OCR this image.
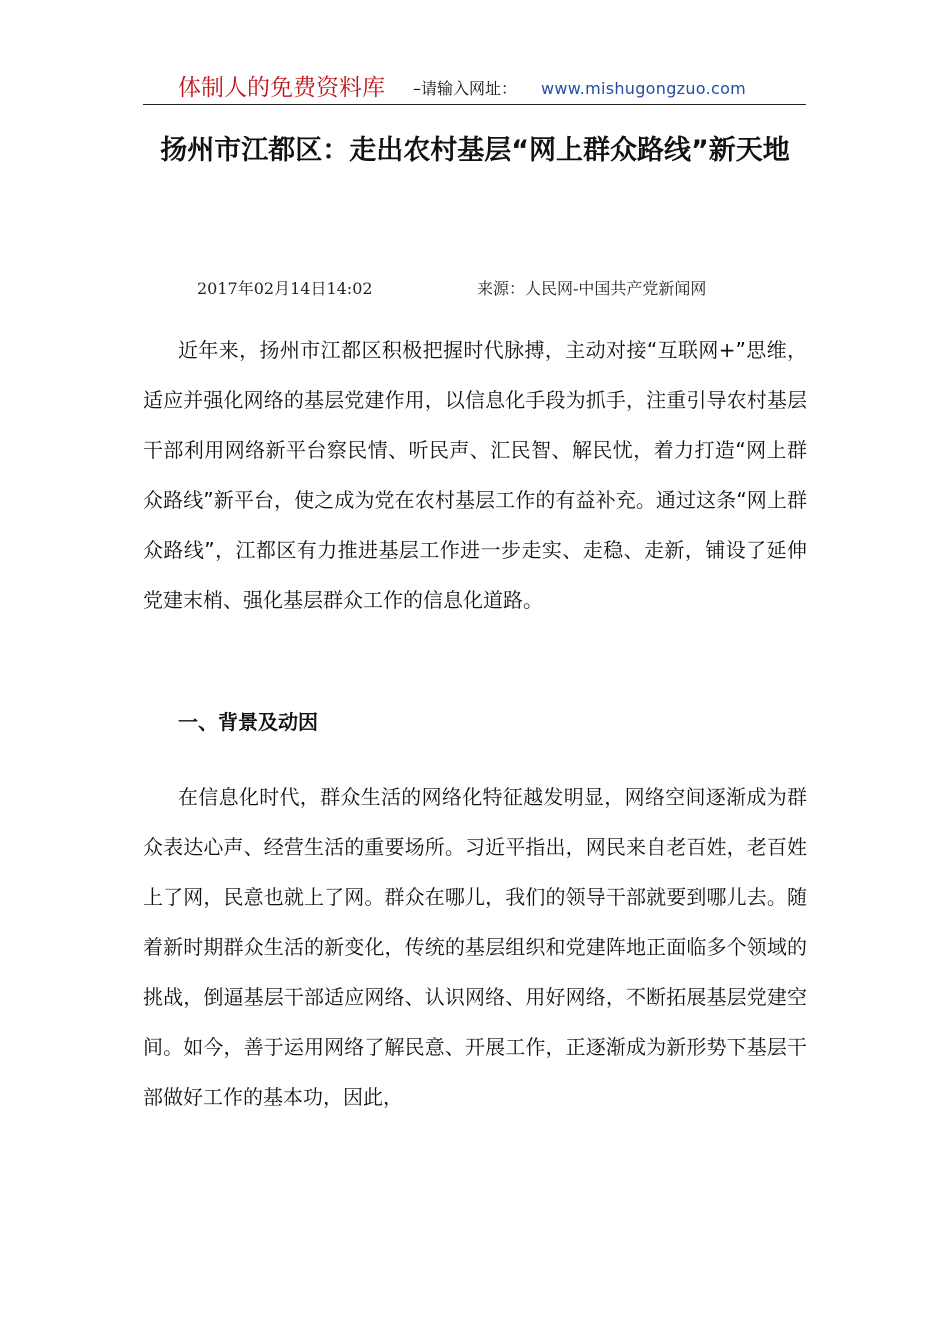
体制人的免费资料库 –请输入网址： www.mishugongzuo.com
扬州市江都区：走出农村基层“网上群众路线”新天地
2017年02月14日14:02	来源：人民网-中国共产党新闻网

近年来，扬州市江都区积极把握时代脉搏，主动对接“互联网+”思维，适应并强化网络的基层党建作用，以信息化手段为抓手，注重引导农村基层干部利用网络新平台察民情、听民声、汇民智、解民忧，着力打造“网上群众路线”新平台，使之成为党在农村基层工作的有益补充。通过这条“网上群众路线”，江都区有力推进基层工作进一步走实、走稳、走新，铺设了延伸党建末梢、强化基层群众工作的信息化道路。

一、背景及动因

在信息化时代，群众生活的网络化特征越发明显，网络空间逐渐成为群众表达心声、经营生活的重要场所。习近平指出，网民来自老百姓，老百姓上了网，民意也就上了网。群众在哪儿，我们的领导干部就要到哪儿去。随着新时期群众生活的新变化，传统的基层组织和党建阵地正面临多个领域的挑战，倒逼基层干部适应网络、认识网络、用好网络，不断拓展基层党建空间。如今，善于运用网络了解民意、开展工作，正逐渐成为新形势下基层干部做好工作的基本功，因此，
